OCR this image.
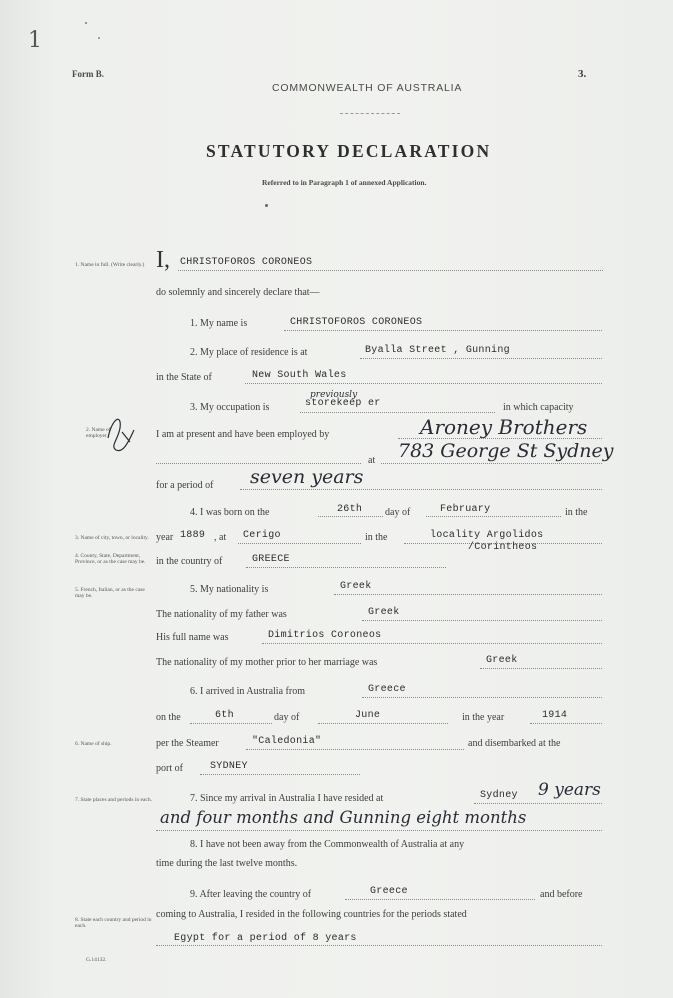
1
Form B.	3.
COMMONWEALTH OF AUSTRALIA
STATUTORY DECLARATION
Referred to in Paragraph 1 of annexed Application.
1. Name in full. (Write clearly.)
2. Name of employer
3. Name of city, town, or locality.
4. County, State, Department, Province, or as the case may be.
5. French, Italian, or as the case may be.
6. Name of ship.
7. State places and periods in each.
8. State each country and period in each.
G.14132.
I, CHRISTOFOROS CORONEOS
do solemnly and sincerely declare that—
1. My name is	CHRISTOFOROS CORONEOS
2. My place of residence is at	Byalla Street , Gunning
in the State of	New South Wales
3. My occupation is	storekeep er	in which capacity
previously
I am at present and have been employed by	Aroney Brothers
at 783 George St Sydney
for a period of seven years
4. I was born on the	26th day of	February	in the
year 1889 , at Cerigo	in the	locality Argolidos
/Corintheos
in the country of	GREECE
5. My nationality is	Greek
The nationality of my father was	Greek
His full name was	Dimitrios Coroneos
The nationality of my mother prior to her marriage was	Greek
6. I arrived in Australia from	Greece
on the	6th	day of	June	in the year	1914
per the Steamer	"Caledonia"	and disembarked at the
port of	SYDNEY
7. Since my arrival in Australia I have resided at	Sydney 9 years
and four months and Gunning eight months
8. I have not been away from the Commonwealth of Australia at any
time during the last twelve months.
9. After leaving the country of	Greece	and before
coming to Australia, I resided in the following countries for the periods stated
Egypt for a period of 8 years
